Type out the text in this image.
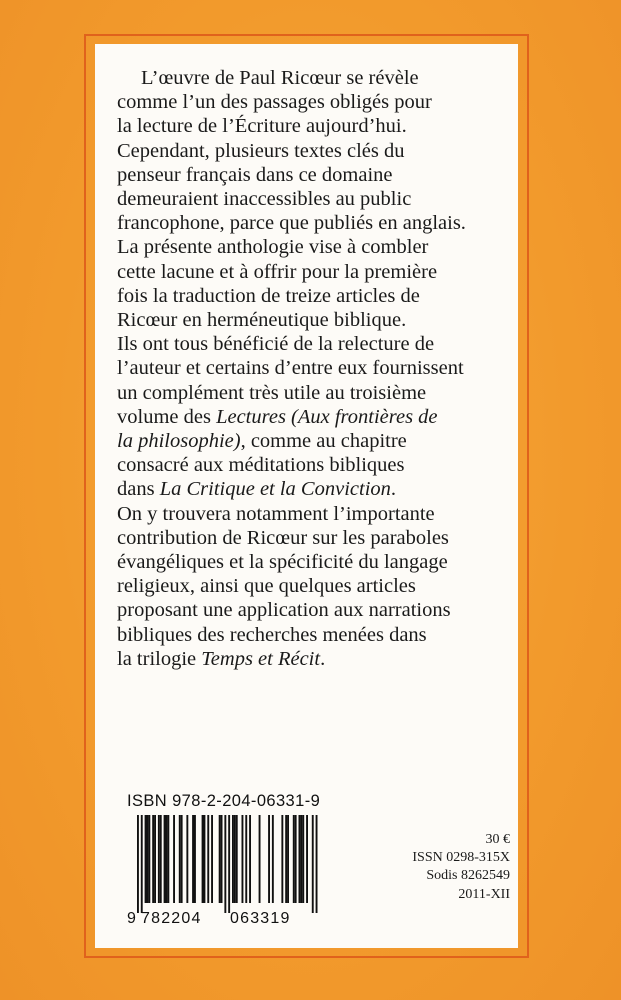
L’œuvre de Paul Ricœur se révèle
comme l’un des passages obligés pour
la lecture de l’Écriture aujourd’hui.
Cependant, plusieurs textes clés du
penseur français dans ce domaine
demeuraient inaccessibles au public
francophone, parce que publiés en anglais.
La présente anthologie vise à combler
cette lacune et à offrir pour la première
fois la traduction de treize articles de
Ricœur en herméneutique biblique.
Ils ont tous bénéficié de la relecture de
l’auteur et certains d’entre eux fournissent
un complément très utile au troisième
volume des Lectures (Aux frontières de
la philosophie), comme au chapitre
consacré aux méditations bibliques
dans La Critique et la Conviction.
On y trouvera notamment l’importante
contribution de Ricœur sur les paraboles
évangéliques et la spécificité du langage
religieux, ainsi que quelques articles
proposant une application aux narrations
bibliques des recherches menées dans
la trilogie Temps et Récit.
ISBN 978-2-204-06331-9
9 782204 063319
30 €
ISSN 0298-315X
Sodis 8262549
2011-XII
